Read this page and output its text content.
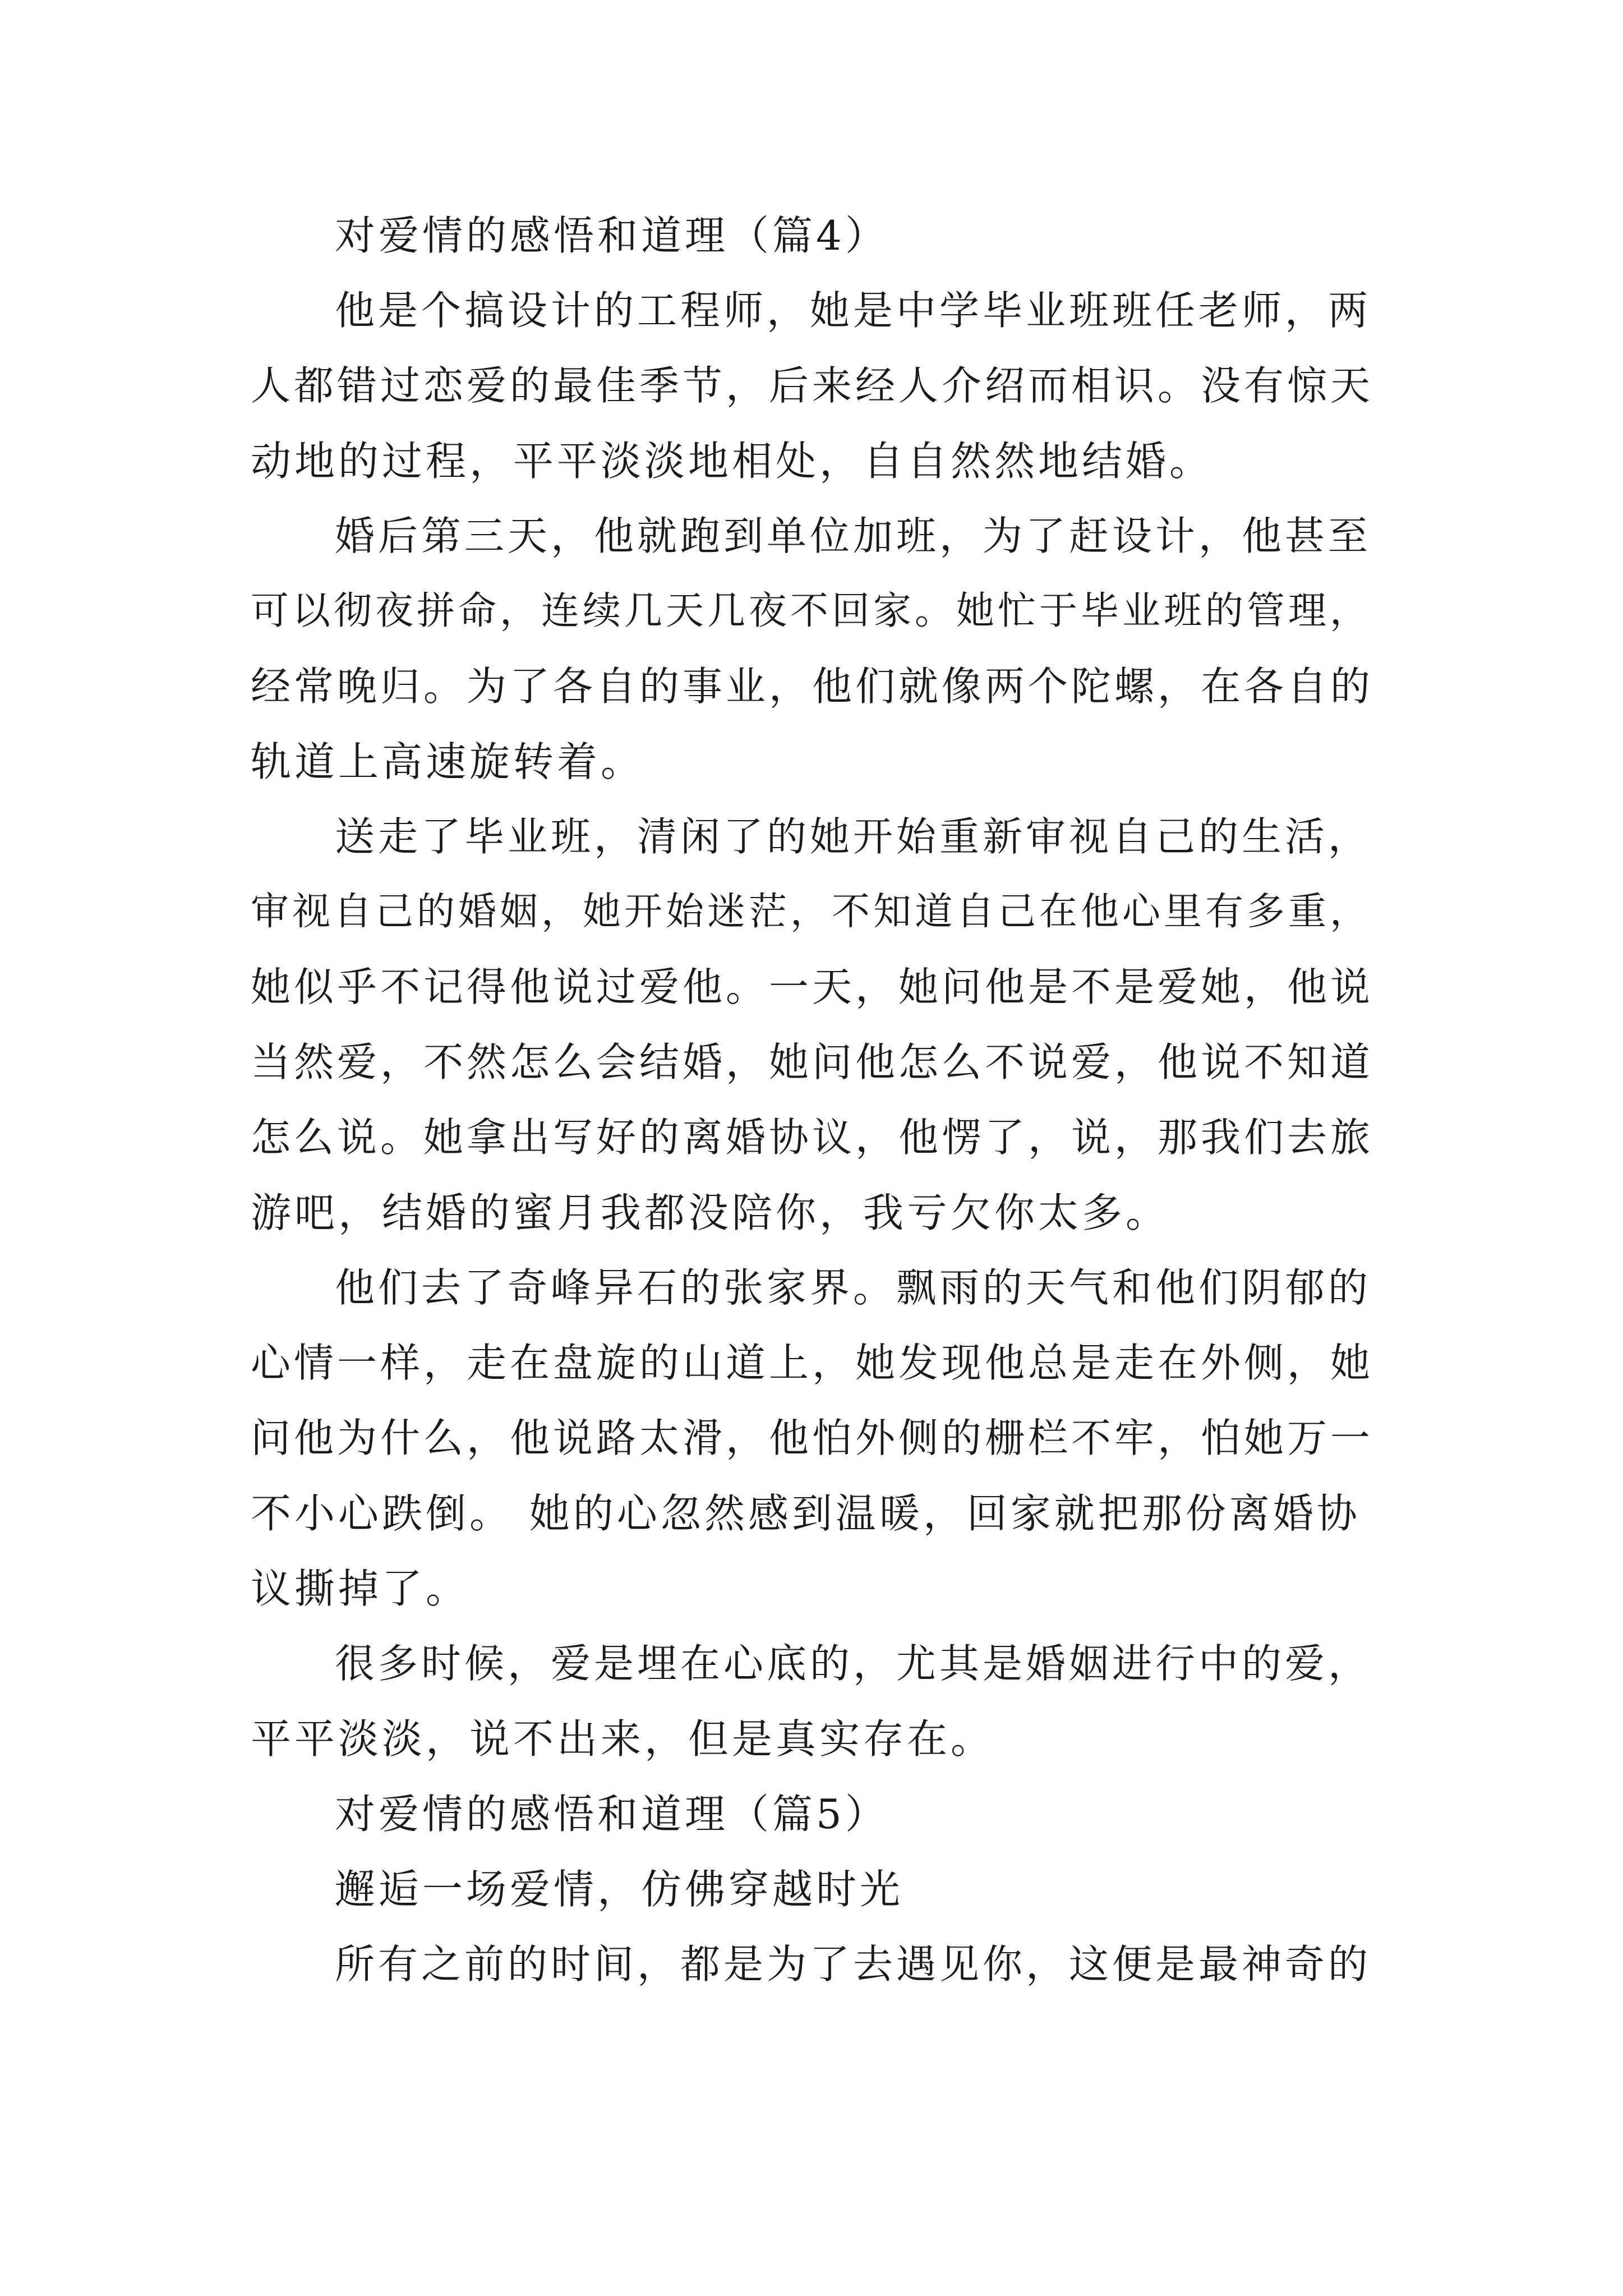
对爱情的感悟和道理（篇4）
他是个搞设计的工程师，她是中学毕业班班任老师，两
人都错过恋爱的最佳季节，后来经人介绍而相识。没有惊天
动地的过程，平平淡淡地相处，自自然然地结婚。
婚后第三天，他就跑到单位加班，为了赶设计，他甚至
可以彻夜拼命，连续几天几夜不回家。她忙于毕业班的管理，
经常晚归。为了各自的事业，他们就像两个陀螺，在各自的
轨道上高速旋转着。
送走了毕业班，清闲了的她开始重新审视自己的生活，
审视自己的婚姻，她开始迷茫，不知道自己在他心里有多重，
她似乎不记得他说过爱他。一天，她问他是不是爱她，他说
当然爱，不然怎么会结婚，她问他怎么不说爱，他说不知道
怎么说。她拿出写好的离婚协议，他愣了，说，那我们去旅
游吧，结婚的蜜月我都没陪你，我亏欠你太多。
他们去了奇峰异石的张家界。飘雨的天气和他们阴郁的
心情一样，走在盘旋的山道上，她发现他总是走在外侧，她
问他为什么，他说路太滑，他怕外侧的栅栏不牢，怕她万一
不小心跌倒。 她的心忽然感到温暖，回家就把那份离婚协
议撕掉了。
很多时候，爱是埋在心底的，尤其是婚姻进行中的爱，
平平淡淡，说不出来，但是真实存在。
对爱情的感悟和道理（篇5）
邂逅一场爱情，仿佛穿越时光
所有之前的时间，都是为了去遇见你，这便是最神奇的
